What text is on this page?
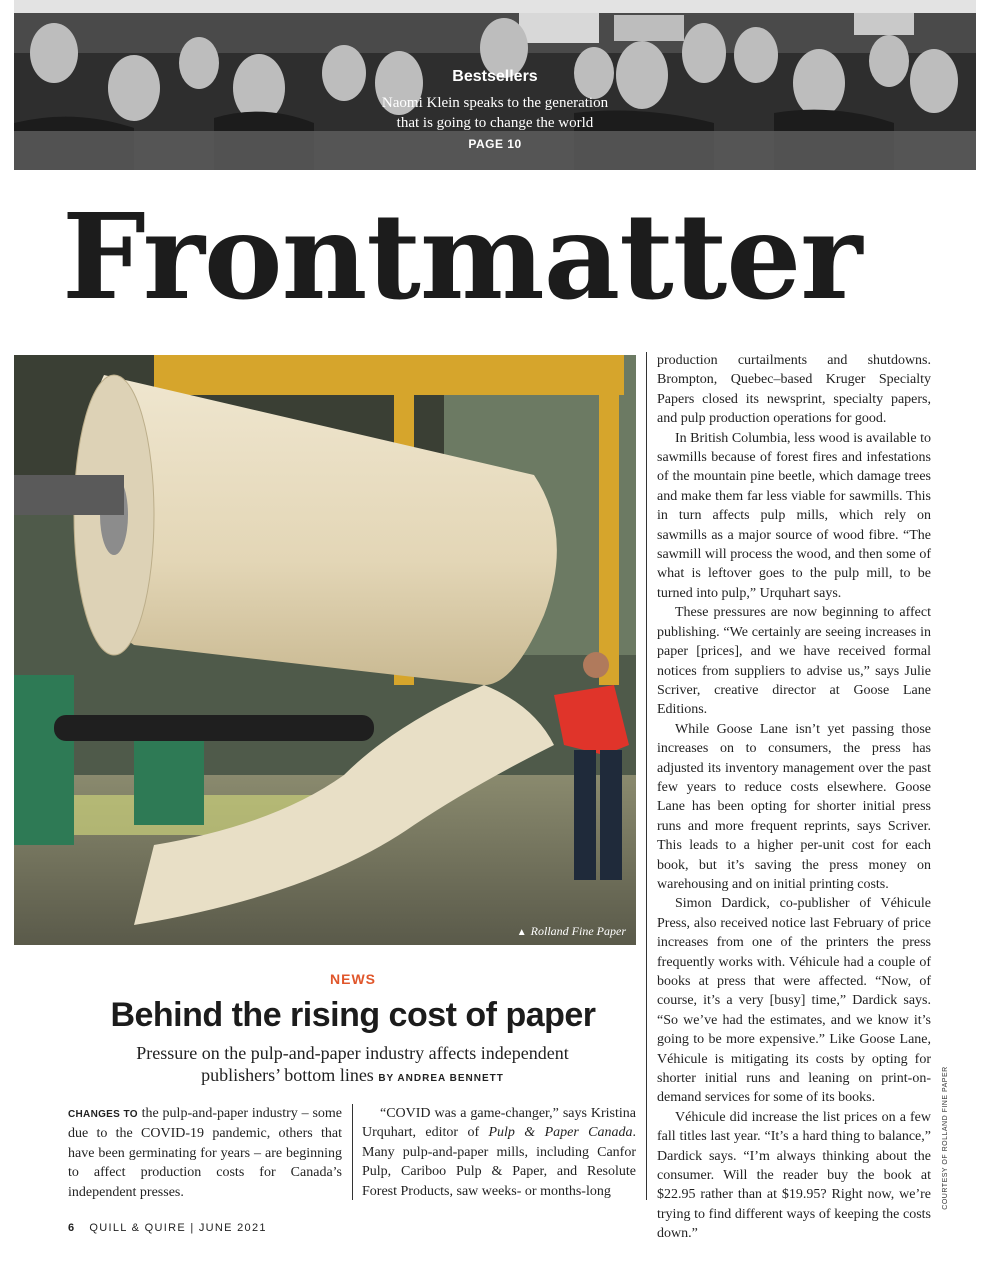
Bestsellers
Naomi Klein speaks to the generation
that is going to change the world
PAGE 10
Frontmatter
▲ Rolland Fine Paper
NEWS
Behind the rising cost of paper
Pressure on the pulp-and-paper industry affects independent publishers’ bottom lines BY ANDREA BENNETT

CHANGES TO the pulp-and-paper industry – some due to the COVID-19 pandemic, others that have been germinating for years – are beginning to affect production costs for Canada’s independent presses.

“COVID was a game-changer,” says Kristina Urquhart, editor of Pulp & Paper Canada. Many pulp-and-paper mills, including Canfor Pulp, Cariboo Pulp & Paper, and Resolute Forest Products, saw weeks- or months-long

production curtailments and shutdowns. Brompton, Quebec–based Kruger Specialty Papers closed its newsprint, specialty papers, and pulp production operations for good.

In British Columbia, less wood is available to sawmills because of forest fires and infestations of the mountain pine beetle, which damage trees and make them far less viable for sawmills. This in turn affects pulp mills, which rely on sawmills as a major source of wood fibre. “The sawmill will process the wood, and then some of what is leftover goes to the pulp mill, to be turned into pulp,” Urquhart says.

These pressures are now beginning to affect publishing. “We certainly are seeing increases in paper [prices], and we have received formal notices from suppliers to advise us,” says Julie Scriver, creative director at Goose Lane Editions.

While Goose Lane isn’t yet passing those increases on to consumers, the press has adjusted its inventory management over the past few years to reduce costs elsewhere. Goose Lane has been opting for shorter initial press runs and more frequent reprints, says Scriver. This leads to a higher per-unit cost for each book, but it’s saving the press money on warehousing and on initial printing costs.

Simon Dardick, co-publisher of Véhicule Press, also received notice last February of price increases from one of the printers the press frequently works with. Véhicule had a couple of books at press that were affected. “Now, of course, it’s a very [busy] time,” Dardick says. “So we’ve had the estimates, and we know it’s going to be more expensive.” Like Goose Lane, Véhicule is mitigating its costs by opting for shorter initial runs and leaning on print-on-demand services for some of its books.

Véhicule did increase the list prices on a few fall titles last year. “It’s a hard thing to balance,” Dardick says. “I’m always thinking about the consumer. Will the reader buy the book at $22.95 rather than at $19.95? Right now, we’re trying to find different ways of keeping the costs down.”

COURTESY OF ROLLAND FINE PAPER
6 QUILL & QUIRE | JUNE 2021
